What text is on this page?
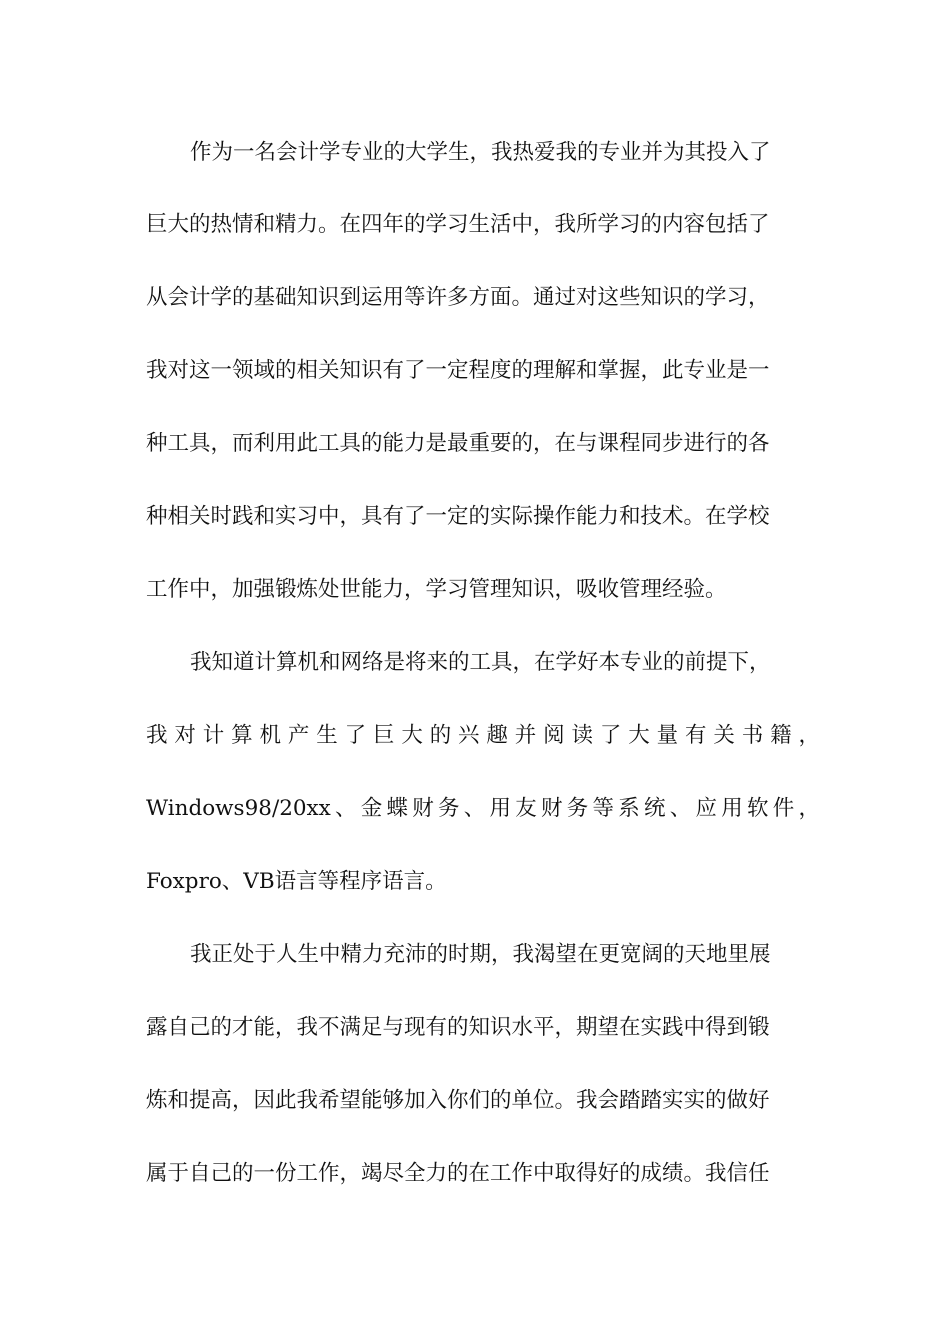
作为一名会计学专业的大学生，我热爱我的专业并为其投入了
巨大的热情和精力。在四年的学习生活中，我所学习的内容包括了
从会计学的基础知识到运用等许多方面。通过对这些知识的学习，
我对这一领域的相关知识有了一定程度的理解和掌握，此专业是一
种工具，而利用此工具的能力是最重要的，在与课程同步进行的各
种相关时践和实习中，具有了一定的实际操作能力和技术。在学校
工作中，加强锻炼处世能力，学习管理知识，吸收管理经验。
我知道计算机和网络是将来的工具，在学好本专业的前提下，
我对计算机产生了巨大的兴趣并阅读了大量有关书籍，
Windows98/20xx、金蝶财务、用友财务等系统、应用软件，
Foxpro、VB语言等程序语言。
我正处于人生中精力充沛的时期，我渴望在更宽阔的天地里展
露自己的才能，我不满足与现有的知识水平，期望在实践中得到锻
炼和提高，因此我希望能够加入你们的单位。我会踏踏实实的做好
属于自己的一份工作，竭尽全力的在工作中取得好的成绩。我信任
